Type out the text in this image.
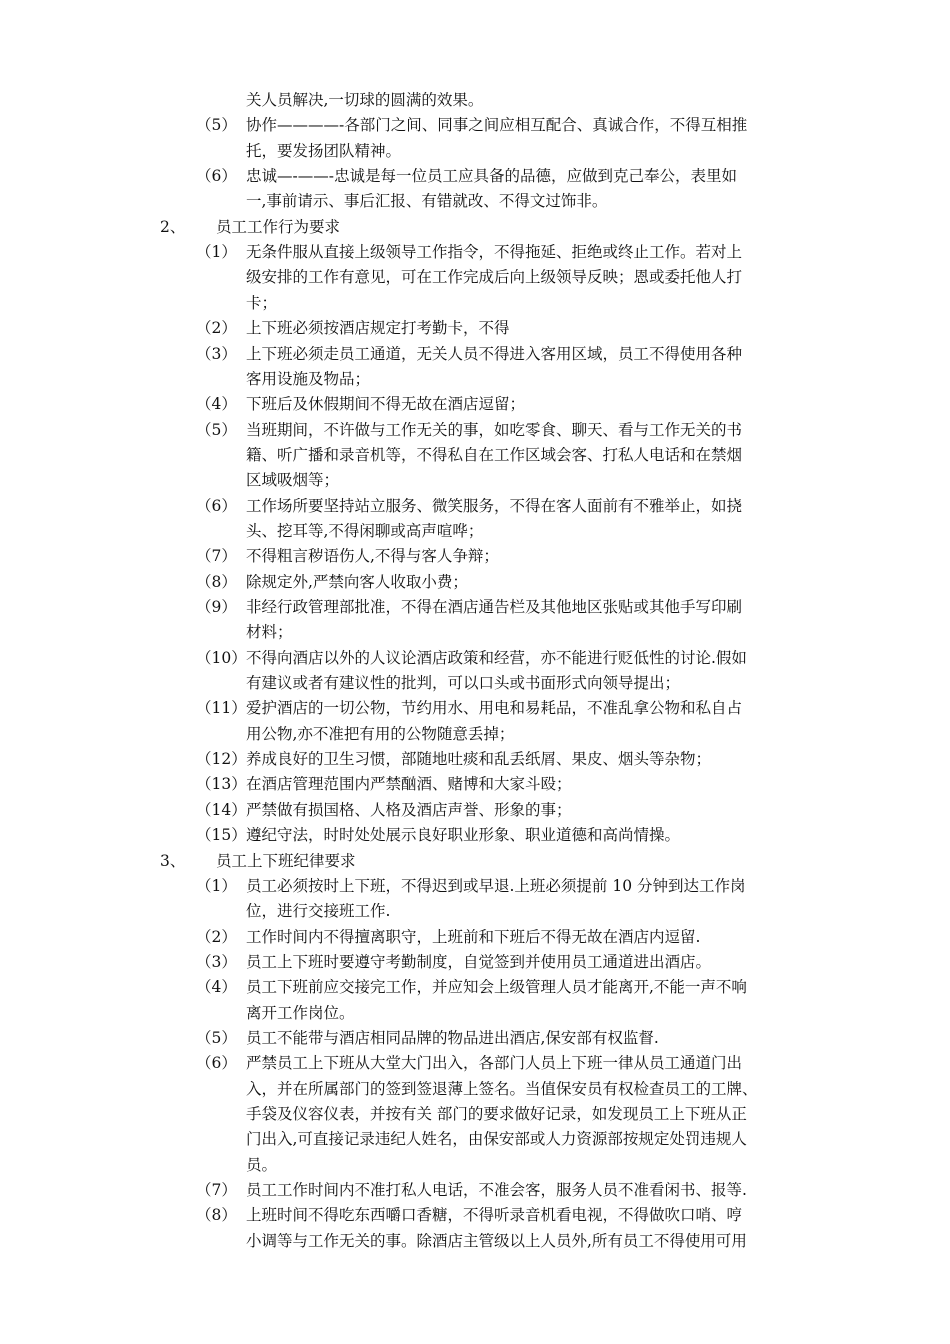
关人员解决,一切球的圆满的效果。
（5） 协作————-各部门之间、同事之间应相互配合、真诚合作，不得互相推
托，要发扬团队精神。
（6） 忠诚—-——-忠诚是每一位员工应具备的品德，应做到克己奉公，表里如
一,事前请示、事后汇报、有错就改、不得文过饰非。
2、 员工工作行为要求
（1） 无条件服从直接上级领导工作指令，不得拖延、拒绝或终止工作。若对上
级安排的工作有意见，可在工作完成后向上级领导反映；恩或委托他人打
卡；
（2） 上下班必须按酒店规定打考勤卡，不得
（3） 上下班必须走员工通道，无关人员不得进入客用区域，员工不得使用各种
客用设施及物品；
（4） 下班后及休假期间不得无故在酒店逗留；
（5） 当班期间，不许做与工作无关的事，如吃零食、聊天、看与工作无关的书
籍、听广播和录音机等，不得私自在工作区域会客、打私人电话和在禁烟
区域吸烟等；
（6） 工作场所要坚持站立服务、微笑服务，不得在客人面前有不雅举止，如挠
头、挖耳等,不得闲聊或高声喧哗；
（7） 不得粗言秽语伤人,不得与客人争辩；
（8） 除规定外,严禁向客人收取小费；
（9） 非经行政管理部批准，不得在酒店通告栏及其他地区张贴或其他手写印刷
材料；
（10） 不得向酒店以外的人议论酒店政策和经营，亦不能进行贬低性的讨论.假如
有建议或者有建议性的批判，可以口头或书面形式向领导提出；
（11） 爱护酒店的一切公物，节约用水、用电和易耗品，不准乱拿公物和私自占
用公物,亦不准把有用的公物随意丢掉；
（12） 养成良好的卫生习惯，部随地吐痰和乱丢纸屑、果皮、烟头等杂物；
（13） 在酒店管理范围内严禁酗酒、赌博和大家斗殴；
（14） 严禁做有损国格、人格及酒店声誉、形象的事；
（15） 遵纪守法，时时处处展示良好职业形象、职业道德和高尚情操。
3、 员工上下班纪律要求
（1） 员工必须按时上下班，不得迟到或早退.上班必须提前 10 分钟到达工作岗
位，进行交接班工作.
（2） 工作时间内不得擅离职守，上班前和下班后不得无故在酒店内逗留.
（3） 员工上下班时要遵守考勤制度，自觉签到并使用员工通道进出酒店。
（4） 员工下班前应交接完工作，并应知会上级管理人员才能离开,不能一声不响
离开工作岗位。
（5） 员工不能带与酒店相同品牌的物品进出酒店,保安部有权监督.
（6） 严禁员工上下班从大堂大门出入，各部门人员上下班一律从员工通道门出
入，并在所属部门的签到签退薄上签名。当值保安员有权检查员工的工牌、
手袋及仪容仪表，并按有关 部门的要求做好记录，如发现员工上下班从正
门出入,可直接记录违纪人姓名，由保安部或人力资源部按规定处罚违规人
员。
（7） 员工工作时间内不准打私人电话，不准会客，服务人员不准看闲书、报等.
（8） 上班时间不得吃东西嚼口香糖，不得听录音机看电视，不得做吹口哨、哼
小调等与工作无关的事。除酒店主管级以上人员外,所有员工不得使用可用
